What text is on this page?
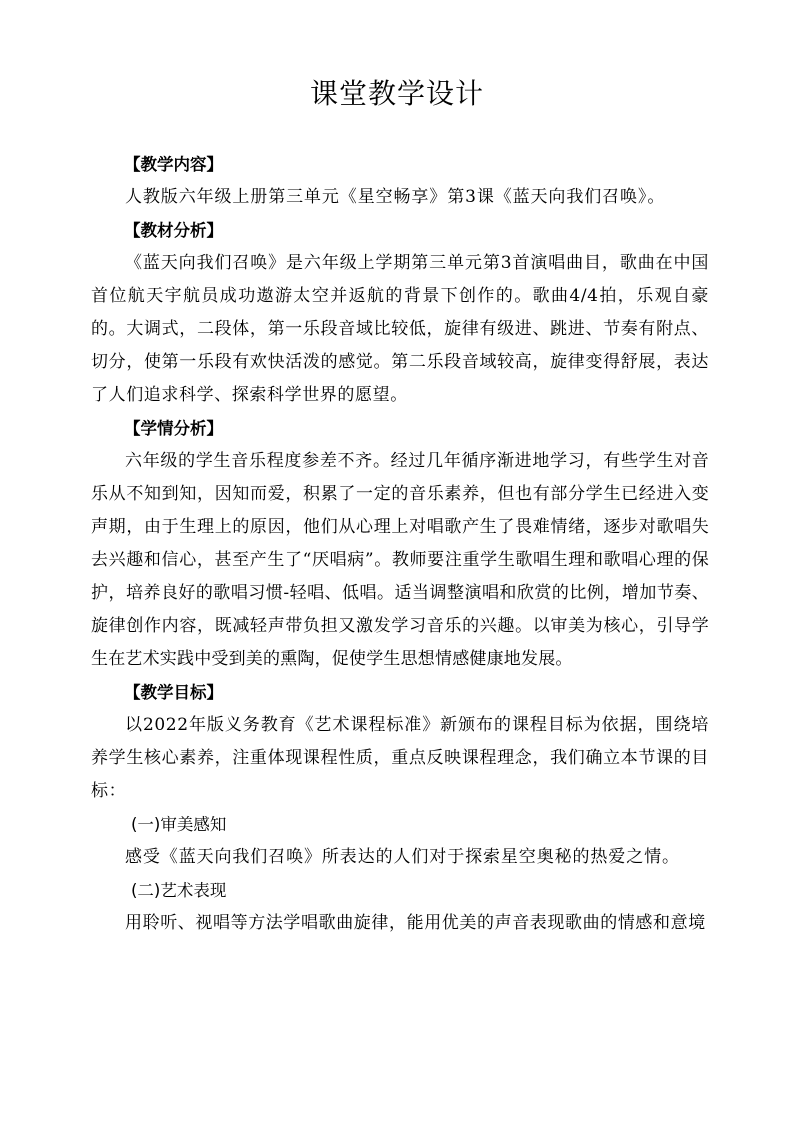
课堂教学设计
【教学内容】
人教版六年级上册第三单元《星空畅享》第3课《蓝天向我们召唤》。
【教材分析】
《蓝天向我们召唤》是六年级上学期第三单元第3首演唱曲目，歌曲在中国首位航天宇航员成功遨游太空并返航的背景下创作的。歌曲4/4拍，乐观自豪的。大调式，二段体，第一乐段音域比较低，旋律有级进、跳进、节奏有附点、切分，使第一乐段有欢快活泼的感觉。第二乐段音域较高，旋律变得舒展，表达了人们追求科学、探索科学世界的愿望。
【学情分析】
六年级的学生音乐程度参差不齐。经过几年循序渐进地学习，有些学生对音乐从不知到知，因知而爱，积累了一定的音乐素养，但也有部分学生已经进入变声期，由于生理上的原因，他们从心理上对唱歌产生了畏难情绪，逐步对歌唱失去兴趣和信心，甚至产生了“厌唱病”。教师要注重学生歌唱生理和歌唱心理的保护，培养良好的歌唱习惯-轻唱、低唱。适当调整演唱和欣赏的比例，增加节奏、旋律创作内容，既减轻声带负担又激发学习音乐的兴趣。以审美为核心，引导学生在艺术实践中受到美的熏陶，促使学生思想情感健康地发展。
【教学目标】
以2022年版义务教育《艺术课程标准》新颁布的课程目标为依据，围绕培养学生核心素养，注重体现课程性质，重点反映课程理念，我们确立本节课的目标：
(一)审美感知
感受《蓝天向我们召唤》所表达的人们对于探索星空奥秘的热爱之情。
(二)艺术表现
用聆听、视唱等方法学唱歌曲旋律，能用优美的声音表现歌曲的情感和意境
